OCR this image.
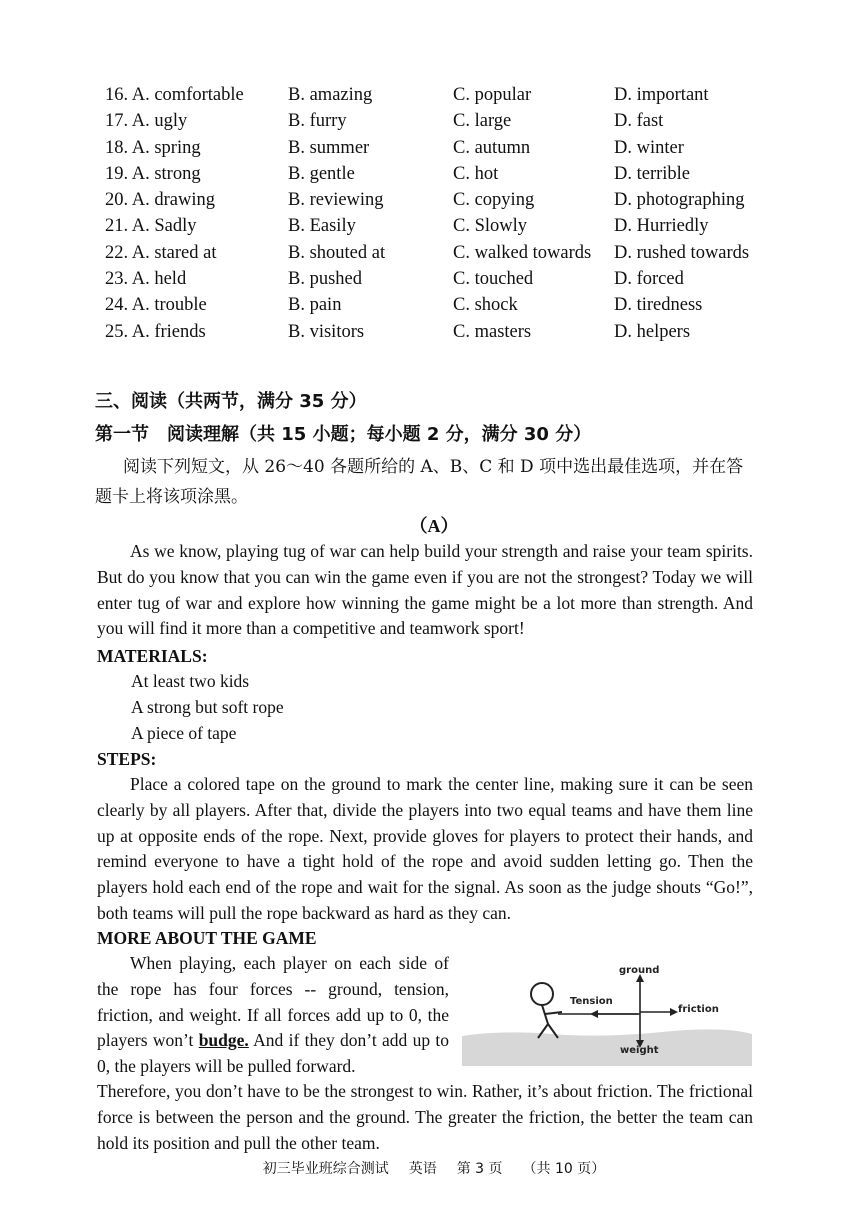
16. A. comfortable B. amazing	C. popular	D. important
17. A. ugly	B. furry	C. large	D. fast
18. A. spring	B. summer	C. autumn	D. winter
19. A. strong	B. gentle	C. hot	D. terrible
20. A. drawing	B. reviewing	C. copying	D. photographing
21. A. Sadly	B. Easily	C. Slowly	D. Hurriedly
22. A. stared at	B. shouted at	C. walked towards D. rushed towards
23. A. held	B. pushed	C. touched	D. forced
24. A. trouble	B. pain	C. shock	D. tiredness
25. A. friends	B. visitors	C. masters	D. helpers
三、阅读（共两节，满分 35 分）
第一节　阅读理解（共 15 小题；每小题 2 分，满分 30 分）
阅读下列短文，从 26～40 各题所给的 A、B、C 和 D 项中选出最佳选项，并在答题卡上将该项涂黑。
（A）
As we know, playing tug of war can help build your strength and raise your team spirits. But do you know that you can win the game even if you are not the strongest? Today we will enter tug of war and explore how winning the game might be a lot more than strength. And you will find it more than a competitive and teamwork sport!
MATERIALS:
At least two kids
A strong but soft rope
A piece of tape
STEPS:
Place a colored tape on the ground to mark the center line, making sure it can be seen clearly by all players. After that, divide the players into two equal teams and have them line up at opposite ends of the rope. Next, provide gloves for players to protect their hands, and remind everyone to have a tight hold of the rope and avoid sudden letting go. Then the players hold each end of the rope and wait for the signal. As soon as the judge shouts “Go!”, both teams will pull the rope backward as hard as they can.
MORE ABOUT THE GAME
When playing, each player on each side of the rope has four forces -- ground, tension, friction, and weight. If all forces add up to 0, the players won’t budge. And if they don’t add up to 0, the players will be pulled forward.
Therefore, you don’t have to be the strongest to win. Rather, it’s about friction. The frictional force is between the person and the ground. The greater the friction, the better the team can hold its position and pull the other team.
ground
Tension
friction
weight
初三毕业班综合测试 英语 第 3 页 （共 10 页）
